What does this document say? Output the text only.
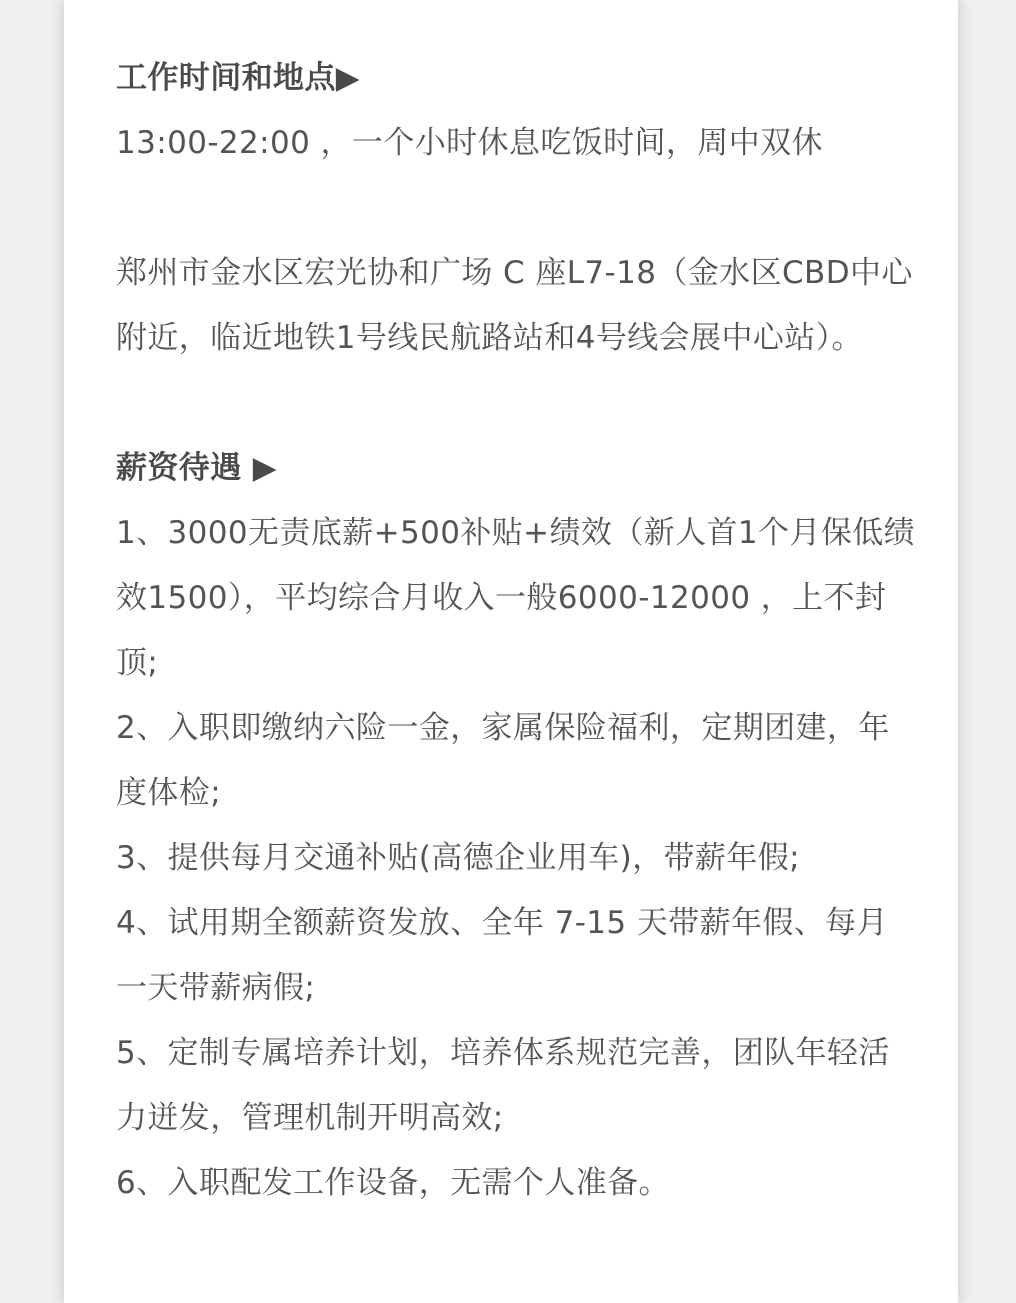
工作时间和地点▶

13:00-22:00 ，一个小时休息吃饭时间，周中双休

郑州市金水区宏光协和广场 C 座L7-18（金水区CBD中心附近，临近地铁1号线民航路站和4号线会展中心站）。

薪资待遇 ▶

1、3000无责底薪+500补贴+绩效（新人首1个月保低绩效1500），平均综合月收入一般6000-12000 ，上不封顶;

2、入职即缴纳六险一金，家属保险福利，定期团建，年度体检;

3、提供每月交通补贴(高德企业用车)，带薪年假;

4、试用期全额薪资发放、全年 7-15 天带薪年假、每月一天带薪病假;

5、定制专属培养计划，培养体系规范完善，团队年轻活力迸发，管理机制开明高效;

6、入职配发工作设备，无需个人准备。
